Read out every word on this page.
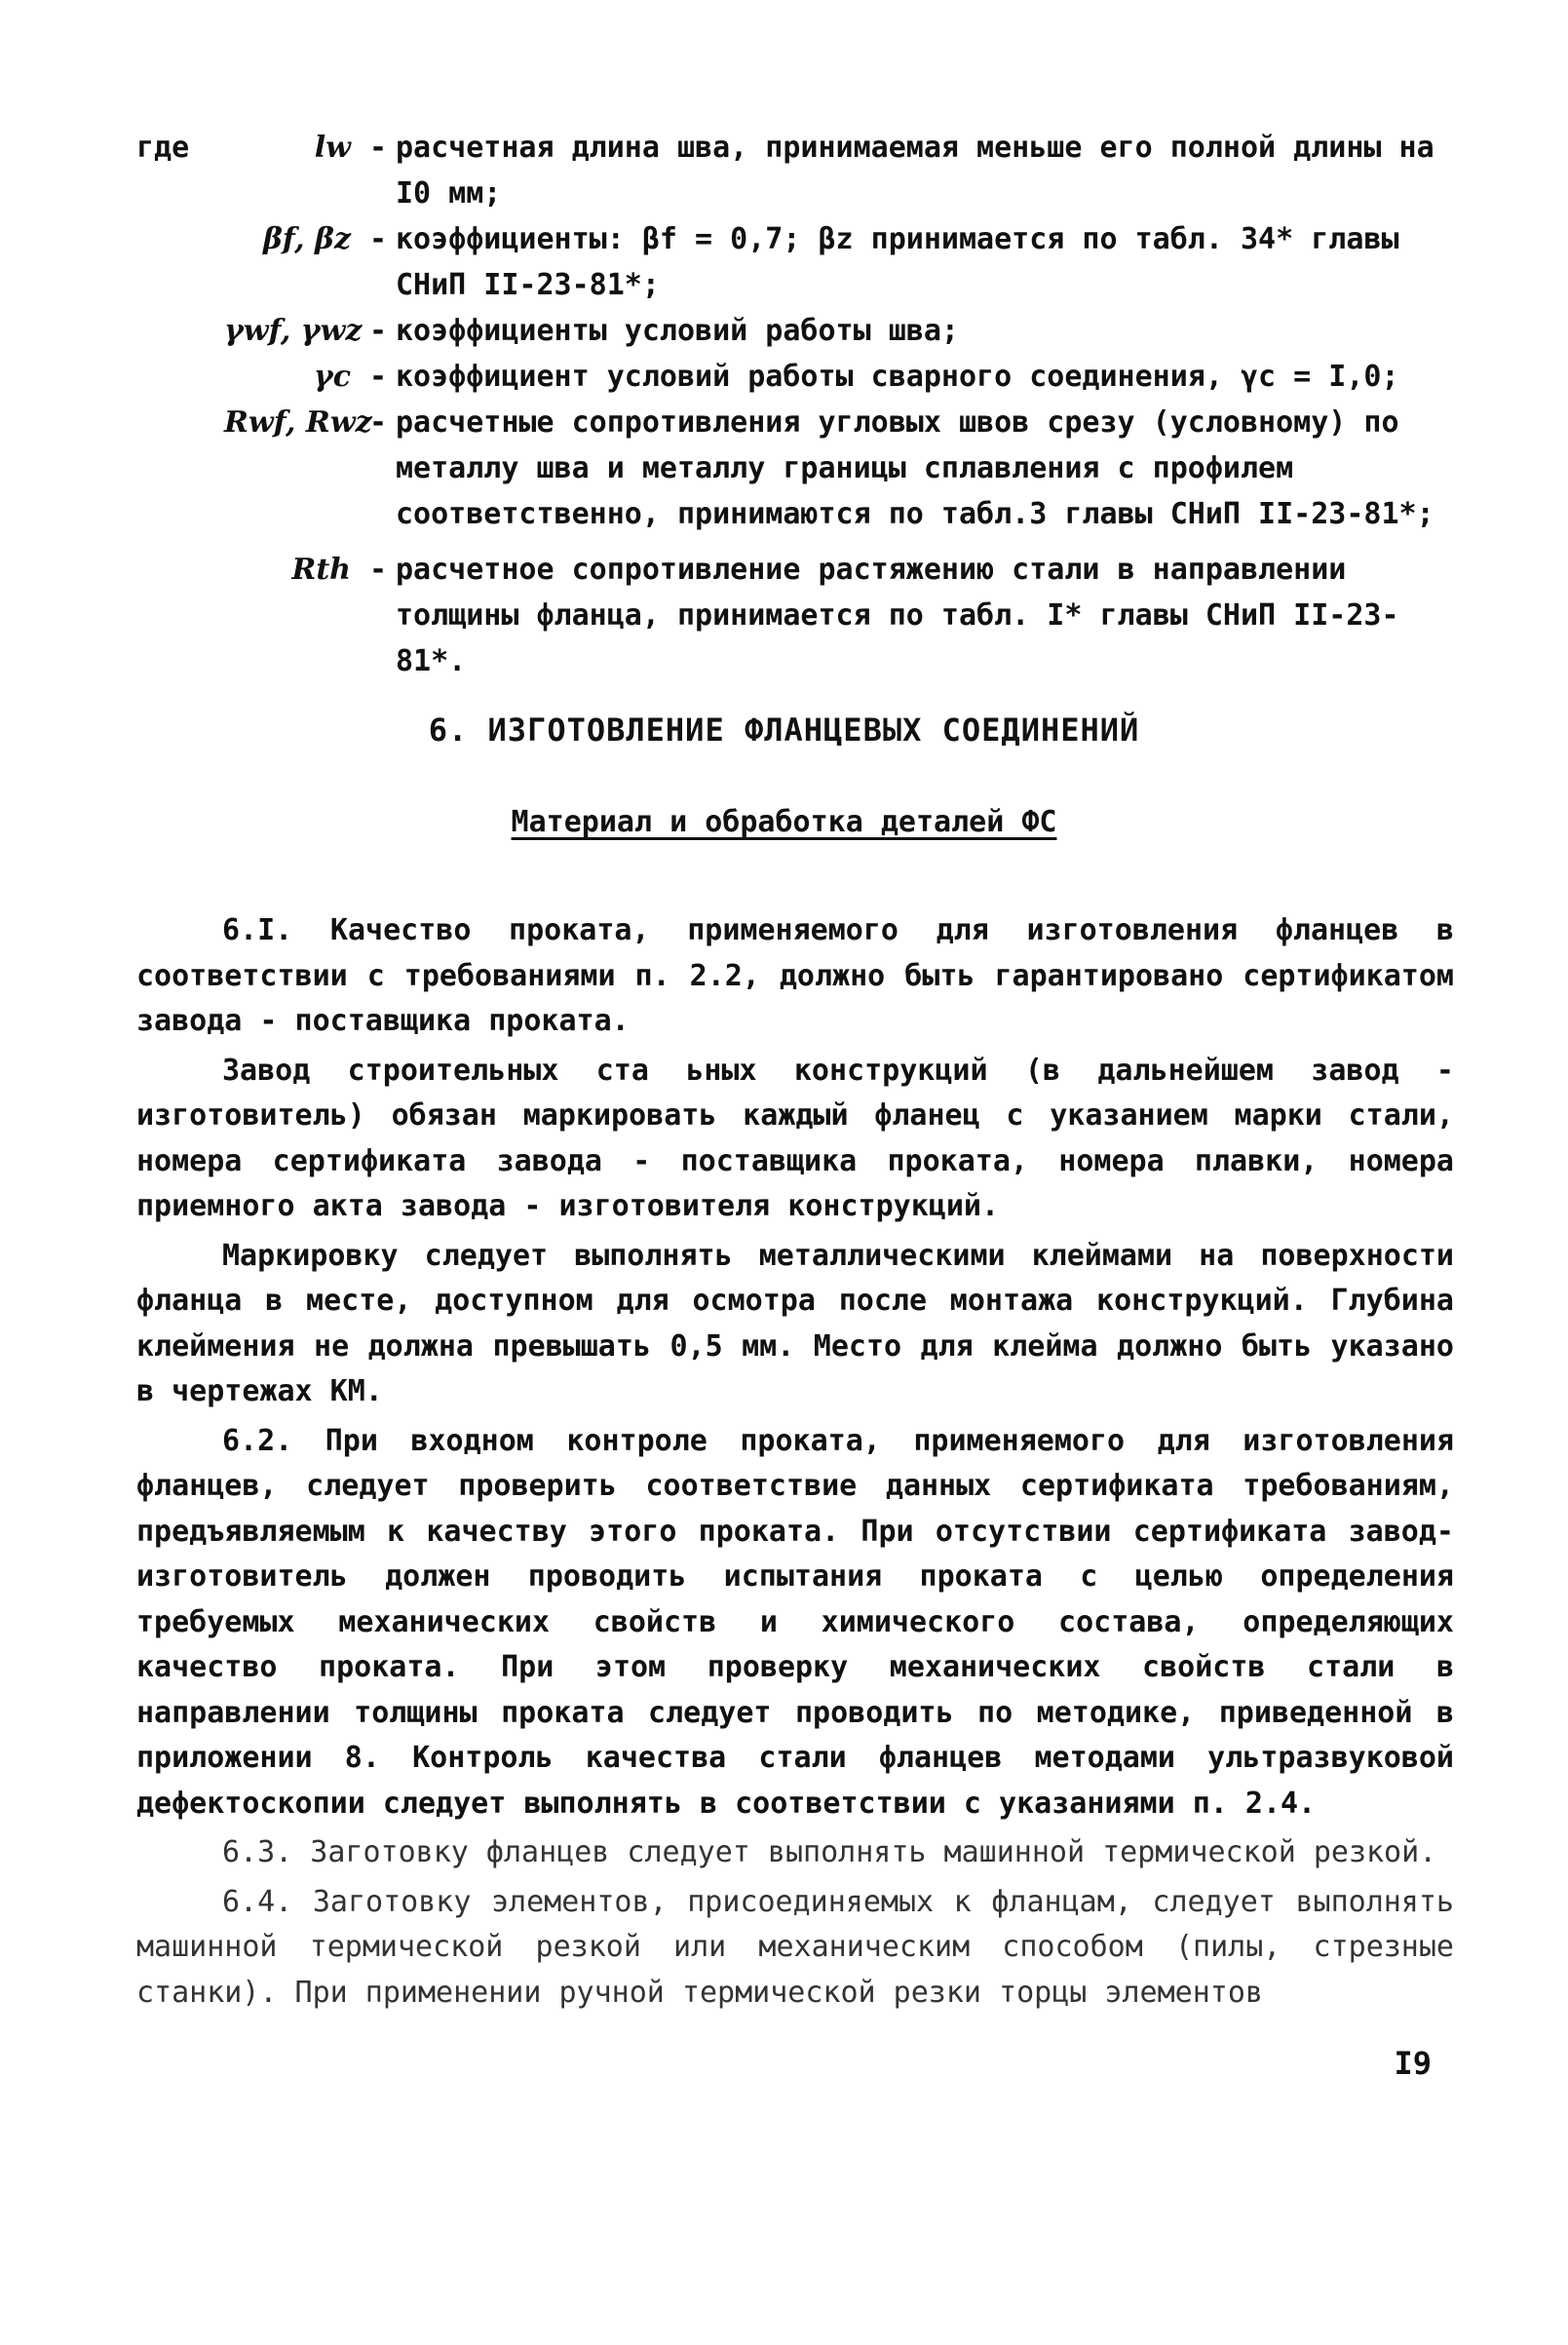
где	lw - расчетная длина шва, принимаемая меньше его полной длины на I0 мм;
βf, βz - коэффициенты: βf = 0,7; βz принимается по табл. 34* главы СНиП II-23-81*;
γwf, γwz - коэффициенты условий работы шва;
γc - коэффициент условий работы сварного соединения, γc = I,0;
Rwf, Rwz
- расчетные сопротивления угловых швов срезу (условному) по металлу шва и металлу границы сплавления с профилем соответственно, принимаются по табл.3 главы СНиП II-23-81*;
Rth - расчетное сопротивление растяжению стали в направлении толщины фланца, принимается по табл. I* главы СНиП II-23-81*.
6. ИЗГОТОВЛЕНИЕ ФЛАНЦЕВЫХ СОЕДИНЕНИЙ
Материал и обработка деталей ФС

6.I. Качество проката, применяемого для изготовления фланцев в соответствии с требованиями п. 2.2, должно быть гарантировано сертификатом завода - поставщика проката.

Завод строительных ста ьных конструкций (в дальнейшем завод - изготовитель) обязан маркировать каждый фланец с указанием марки стали, номера сертификата завода - поставщика проката, номера плавки, номера приемного акта завода - изготовителя конструкций.

Маркировку следует выполнять металлическими клеймами на поверхности фланца в месте, доступном для осмотра после монтажа конструкций. Глубина клеймения не должна превышать 0,5 мм. Место для клейма должно быть указано в чертежах КМ.

6.2. При входном контроле проката, применяемого для изготовления фланцев, следует проверить соответствие данных сертификата требованиям, предъявляемым к качеству этого проката. При отсутствии сертификата завод-изготовитель должен проводить испытания проката с целью определения требуемых механических свойств и химического состава, определяющих качество проката. При этом проверку механических свойств стали в направлении толщины проката следует проводить по методике, приведенной в приложении 8. Контроль качества стали фланцев методами ультразвуковой дефектоскопии следует выполнять в соответствии с указаниями п. 2.4.

6.3. Заготовку фланцев следует выполнять машинной термической резкой.

6.4. Заготовку элементов, присоединяемых к фланцам, следует выполнять машинной термической резкой или механическим способом (пилы, стрезные станки). При применении ручной термической резки торцы элементов

I9
